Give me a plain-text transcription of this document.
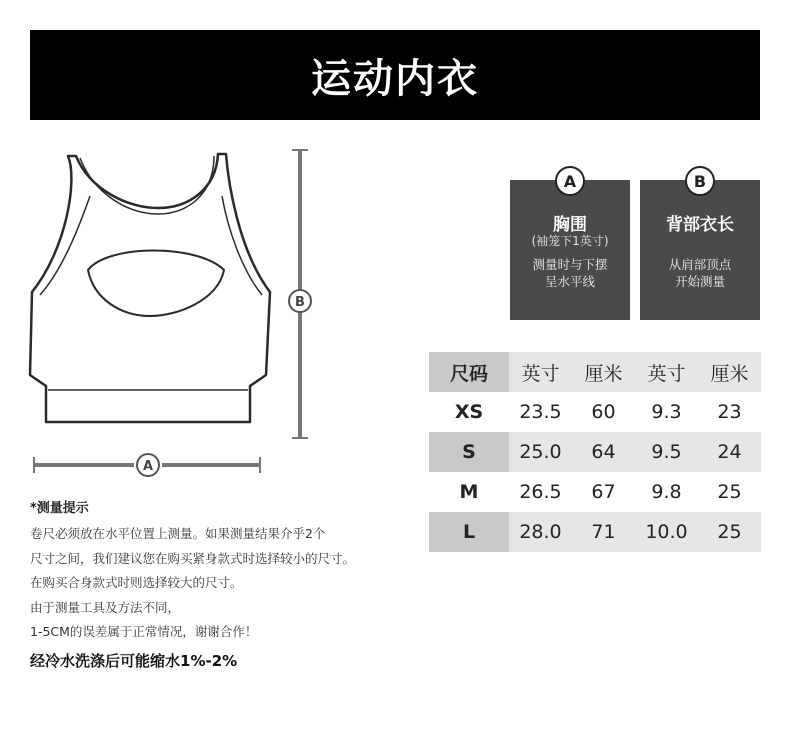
运动内衣
B
A
A
胸围
(袖笼下1英寸)
测量时与下摆
呈水平线
B
背部衣长
从肩部顶点
开始测量
尺码	英寸	厘米	英寸	厘米
XS	23.5	60	9.3	23
S	25.0	64	9.5	24
M	26.5	67	9.8	25
L	28.0	71	10.0	25
*测量提示
卷尺必须放在水平位置上测量。如果测量结果介乎2个
尺寸之间，我们建议您在购买紧身款式时选择较小的尺寸。
在购买合身款式时则选择较大的尺寸。
由于测量工具及方法不同，
1-5CM的误差属于正常情况，谢谢合作！
经冷水洗涤后可能缩水1%-2%
